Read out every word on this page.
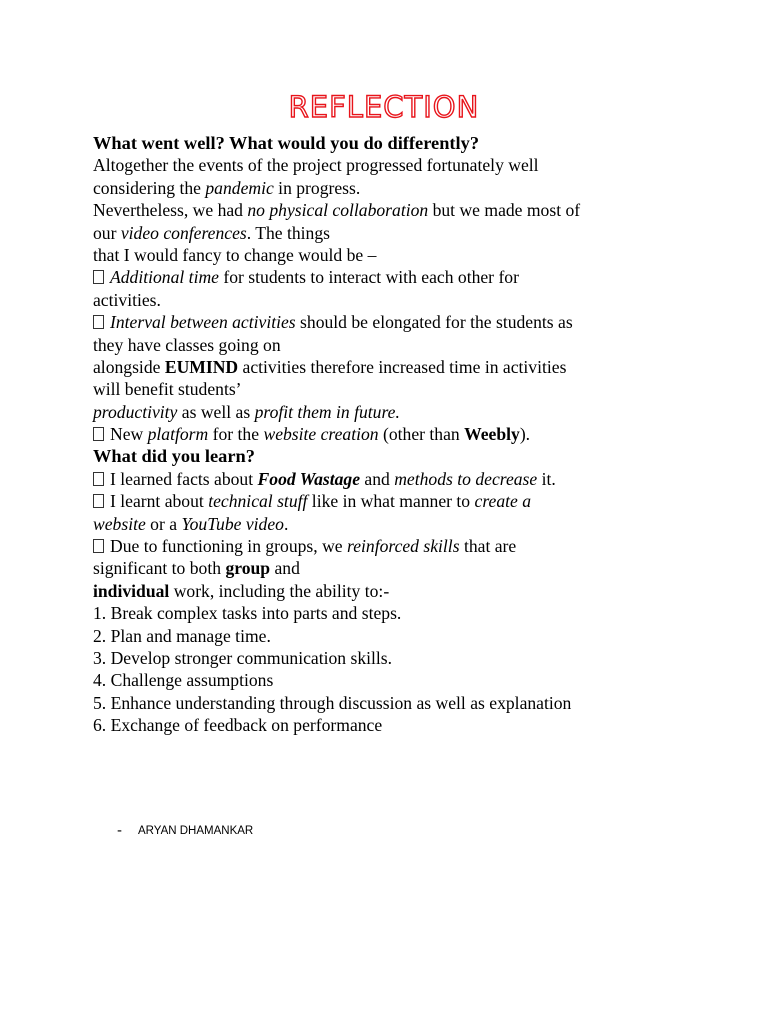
REFLECTION
What went well? What would you do differently?
Altogether the events of the project progressed fortunately well
considering the pandemic in progress.
Nevertheless, we had no physical collaboration but we made most of
our video conferences. The things
that I would fancy to change would be –
Additional time for students to interact with each other for
activities.
Interval between activities should be elongated for the students as
they have classes going on
alongside EUMIND activities therefore increased time in activities
will benefit students’
productivity as well as profit them in future.
New platform for the website creation (other than Weebly).
What did you learn?
I learned facts about Food Wastage and methods to decrease it.
I learnt about technical stuff like in what manner to create a
website or a YouTube video.
Due to functioning in groups, we reinforced skills that are
significant to both group and
individual work, including the ability to:-
1. Break complex tasks into parts and steps.
2. Plan and manage time.
3. Develop stronger communication skills.
4. Challenge assumptions
5. Enhance understanding through discussion as well as explanation
6. Exchange of feedback on performance
- ARYAN DHAMANKAR
